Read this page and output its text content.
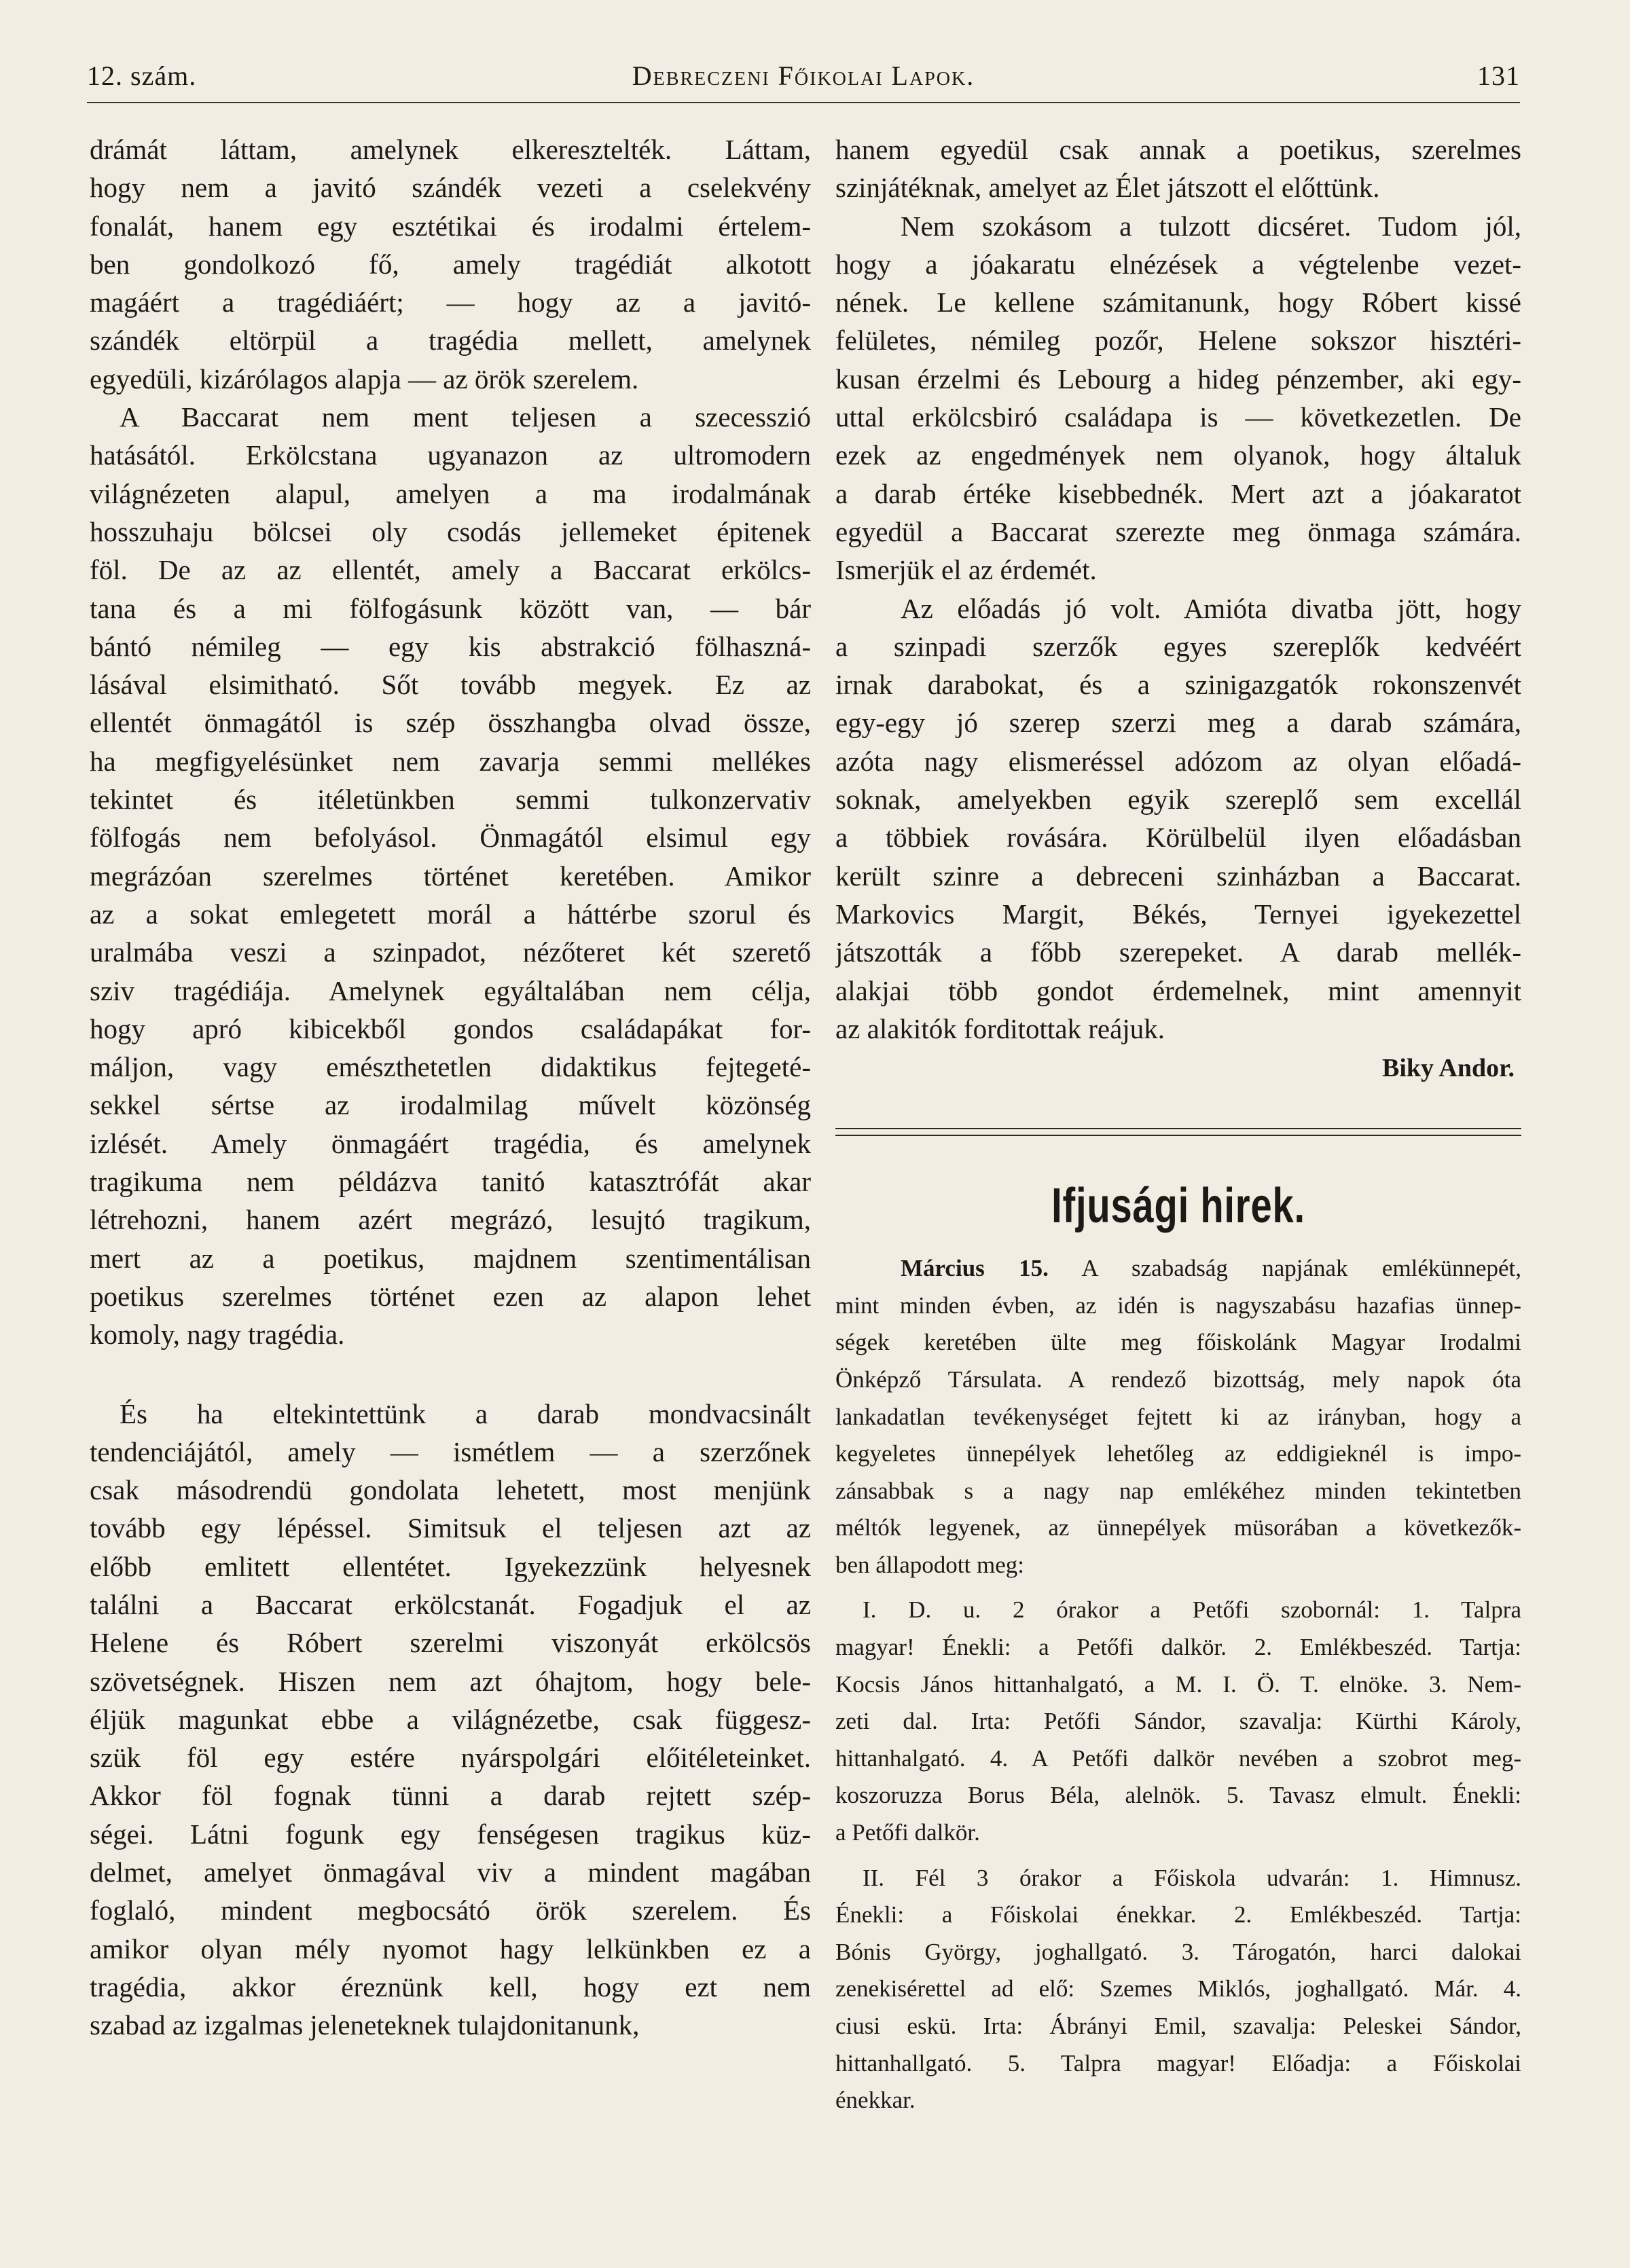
12. szám.	Debreczeni Főikolai Lapok.	131
drámát láttam, amelynek elkeresztelték. Láttam,
hogy nem a javitó szándék vezeti a cselekvény
fonalát, hanem egy esztétikai és irodalmi értelem-
ben gondolkozó fő, amely tragédiát alkotott
magáért a tragédiáért; — hogy az a javitó-
szándék eltörpül a tragédia mellett, amelynek
egyedüli, kizárólagos alapja — az örök szerelem.
A Baccarat nem ment teljesen a szecesszió
hatásától. Erkölcstana ugyanazon az ultromodern
világnézeten alapul, amelyen a ma irodalmának
hosszuhaju bölcsei oly csodás jellemeket épitenek
föl. De az az ellentét, amely a Baccarat erkölcs-
tana és a mi fölfogásunk között van, — bár
bántó némileg — egy kis abstrakció fölhaszná-
lásával elsimitható. Sőt tovább megyek. Ez az
ellentét önmagától is szép összhangba olvad össze,
ha megfigyelésünket nem zavarja semmi mellékes
tekintet és itéletünkben semmi tulkonzervativ
fölfogás nem befolyásol. Önmagától elsimul egy
megrázóan szerelmes történet keretében. Amikor
az a sokat emlegetett morál a háttérbe szorul és
uralmába veszi a szinpadot, nézőteret két szerető
sziv tragédiája. Amelynek egyáltalában nem célja,
hogy apró kibicekből gondos családapákat for-
máljon, vagy emészthetetlen didaktikus fejtegeté-
sekkel sértse az irodalmilag művelt közönség
izlését. Amely önmagáért tragédia, és amelynek
tragikuma nem példázva tanitó katasztrófát akar
létrehozni, hanem azért megrázó, lesujtó tragikum,
mert az a poetikus, majdnem szentimentálisan
poetikus szerelmes történet ezen az alapon lehet
komoly, nagy tragédia.
És ha eltekintettünk a darab mondvacsinált
tendenciájától, amely — ismétlem — a szerzőnek
csak másodrendü gondolata lehetett, most menjünk
tovább egy lépéssel. Simitsuk el teljesen azt az
előbb emlitett ellentétet. Igyekezzünk helyesnek
találni a Baccarat erkölcstanát. Fogadjuk el az
Helene és Róbert szerelmi viszonyát erkölcsös
szövetségnek. Hiszen nem azt óhajtom, hogy bele-
éljük magunkat ebbe a világnézetbe, csak függesz-
szük föl egy estére nyárspolgári előitéleteinket.
Akkor föl fognak tünni a darab rejtett szép-
ségei. Látni fogunk egy fenségesen tragikus küz-
delmet, amelyet önmagával viv a mindent magában
foglaló, mindent megbocsátó örök szerelem. És
amikor olyan mély nyomot hagy lelkünkben ez a
tragédia, akkor éreznünk kell, hogy ezt nem
szabad az izgalmas jeleneteknek tulajdonitanunk,
hanem egyedül csak annak a poetikus, szerelmes
szinjátéknak, amelyet az Élet játszott el előttünk.
Nem szokásom a tulzott dicséret. Tudom jól,
hogy a jóakaratu elnézések a végtelenbe vezet-
nének. Le kellene számitanunk, hogy Róbert kissé
felületes, némileg pozőr, Helene sokszor hisztéri-
kusan érzelmi és Lebourg a hideg pénzember, aki egy-
uttal erkölcsbiró családapa is — következetlen. De
ezek az engedmények nem olyanok, hogy általuk
a darab értéke kisebbednék. Mert azt a jóakaratot
egyedül a Baccarat szerezte meg önmaga számára.
Ismerjük el az érdemét.
Az előadás jó volt. Amióta divatba jött, hogy
a szinpadi szerzők egyes szereplők kedvéért
irnak darabokat, és a szinigazgatók rokonszenvét
egy-egy jó szerep szerzi meg a darab számára,
azóta nagy elismeréssel adózom az olyan előadá-
soknak, amelyekben egyik szereplő sem excellál
a többiek rovására. Körülbelül ilyen előadásban
került szinre a debreceni szinházban a Baccarat.
Markovics Margit, Békés, Ternyei igyekezettel
játszották a főbb szerepeket. A darab mellék-
alakjai több gondot érdemelnek, mint amennyit
az alakitók forditottak reájuk.
Biky Andor.
Ifjusági hirek.
Március 15. A szabadság napjának emlékünnepét,
mint minden évben, az idén is nagyszabásu hazafias ünnep-
ségek keretében ülte meg főiskolánk Magyar Irodalmi
Önképző Társulata. A rendező bizottság, mely napok óta
lankadatlan tevékenységet fejtett ki az irányban, hogy a
kegyeletes ünnepélyek lehetőleg az eddigieknél is impo-
zánsabbak s a nagy nap emlékéhez minden tekintetben
méltók legyenek, az ünnepélyek müsorában a következők-
ben állapodott meg:
I. D. u. 2 órakor a Petőfi szobornál: 1. Talpra
magyar! Énekli: a Petőfi dalkör. 2. Emlékbeszéd. Tartja:
Kocsis János hittanhalgató, a M. I. Ö. T. elnöke. 3. Nem-
zeti dal. Irta: Petőfi Sándor, szavalja: Kürthi Károly,
hittanhalgató. 4. A Petőfi dalkör nevében a szobrot meg-
koszoruzza Borus Béla, alelnök. 5. Tavasz elmult. Énekli:
a Petőfi dalkör.
II. Fél 3 órakor a Főiskola udvarán: 1. Himnusz.
Énekli: a Főiskolai énekkar. 2. Emlékbeszéd. Tartja:
Bónis György, joghallgató. 3. Tárogatón, harci dalokai
zenekisérettel ad elő: Szemes Miklós, joghallgató. Már. 4.
ciusi eskü. Irta: Ábrányi Emil, szavalja: Peleskei Sándor,
hittanhallgató. 5. Talpra magyar! Előadja: a Főiskolai
énekkar.
